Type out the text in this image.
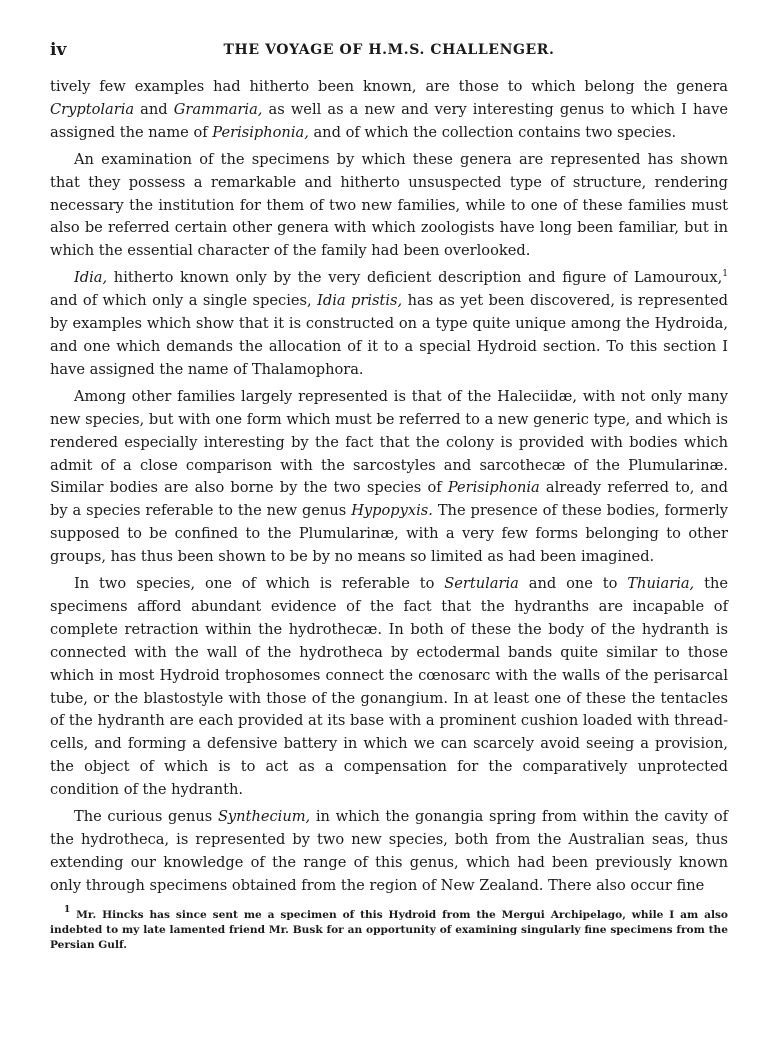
iv	THE VOYAGE OF H.M.S. CHALLENGER.

tively few examples had hitherto been known, are those to which belong the genera Cryptolaria and Grammaria, as well as a new and very interesting genus to which I have assigned the name of Perisiphonia, and of which the collection contains two species.

An examination of the specimens by which these genera are represented has shown that they possess a remarkable and hitherto unsuspected type of structure, rendering necessary the institution for them of two new families, while to one of these families must also be referred certain other genera with which zoologists have long been familiar, but in which the essential character of the family had been overlooked.

Idia, hitherto known only by the very deficient description and figure of Lamouroux,$^1$ and of which only a single species, Idia pristis, has as yet been discovered, is represented by examples which show that it is constructed on a type quite unique among the Hydroida, and one which demands the allocation of it to a special Hydroid section. To this section I have assigned the name of Thalamophora.

Among other families largely represented is that of the Haleciidæ, with not only many new species, but with one form which must be referred to a new generic type, and which is rendered especially interesting by the fact that the colony is provided with bodies which admit of a close comparison with the sarcostyles and sarcothecæ of the Plumularinæ. Similar bodies are also borne by the two species of Perisiphonia already referred to, and by a species referable to the new genus Hypopyxis. The presence of these bodies, formerly supposed to be confined to the Plumularinæ, with a very few forms belonging to other groups, has thus been shown to be by no means so limited as had been imagined.

In two species, one of which is referable to Sertularia and one to Thuiaria, the specimens afford abundant evidence of the fact that the hydranths are incapable of complete retraction within the hydrothecæ. In both of these the body of the hydranth is connected with the wall of the hydrotheca by ectodermal bands quite similar to those which in most Hydroid trophosomes connect the cœnosarc with the walls of the perisarcal tube, or the blastostyle with those of the gonangium. In at least one of these the tentacles of the hydranth are each provided at its base with a prominent cushion loaded with thread-cells, and forming a defensive battery in which we can scarcely avoid seeing a provision, the object of which is to act as a compensation for the comparatively unprotected condition of the hydranth.

The curious genus Synthecium, in which the gonangia spring from within the cavity of the hydrotheca, is represented by two new species, both from the Australian seas, thus extending our knowledge of the range of this genus, which had been previously known only through specimens obtained from the region of New Zealand. There also occur fine

$^1$ Mr. Hincks has since sent me a specimen of this Hydroid from the Mergui Archipelago, while I am also indebted to my late lamented friend Mr. Busk for an opportunity of examining singularly fine specimens from the Persian Gulf.
